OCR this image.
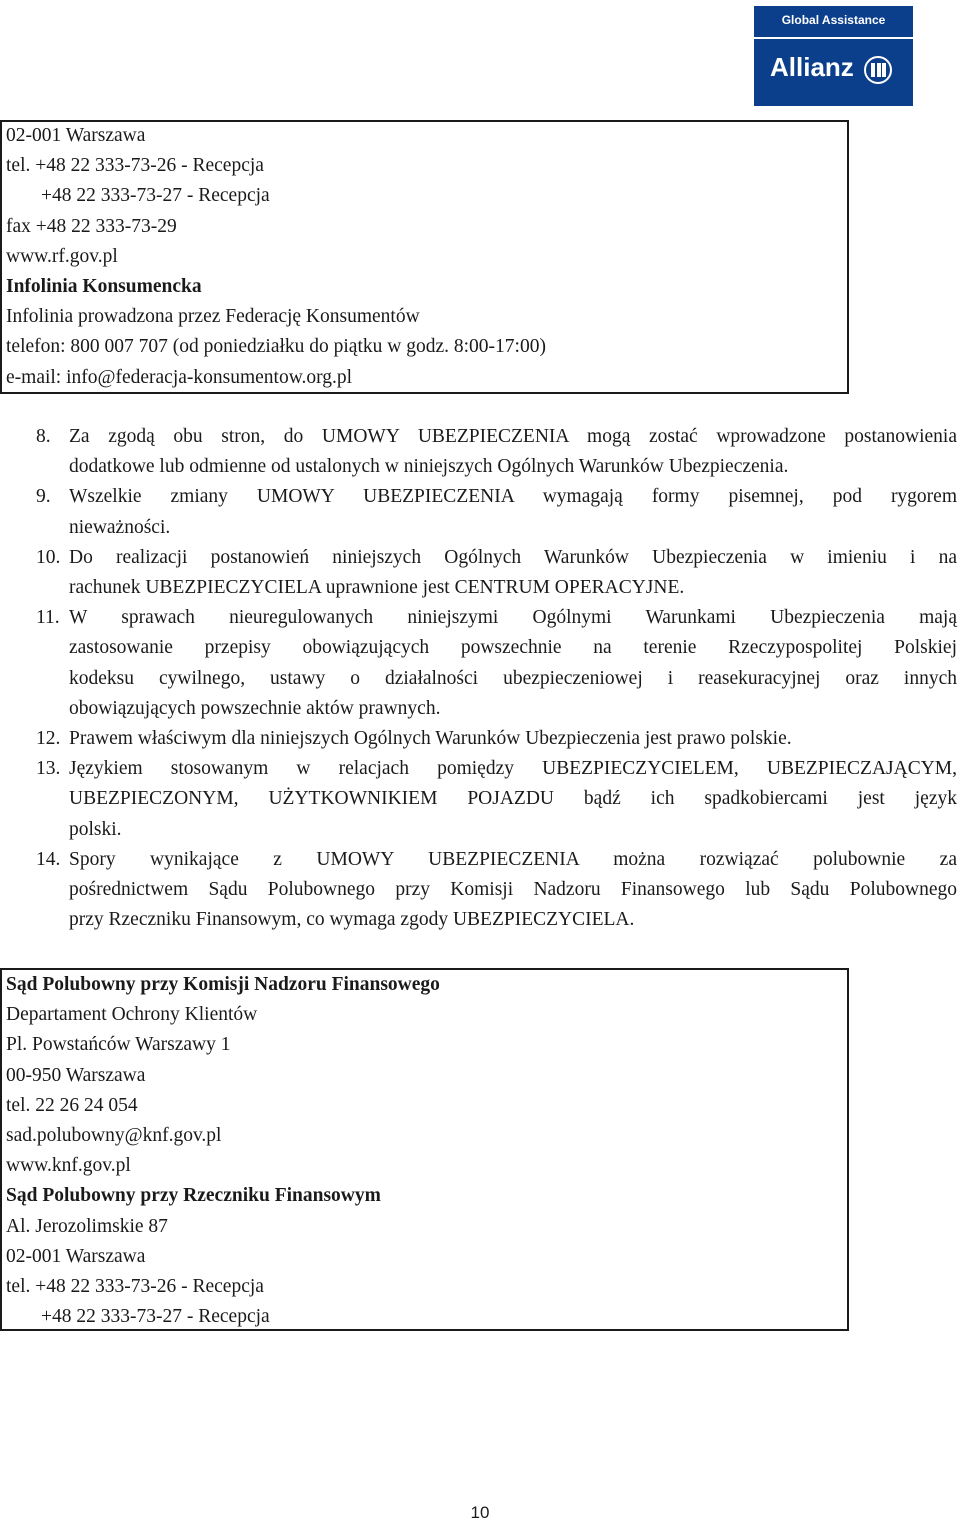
Global Assistance
Allianz
02-001 Warszawa
tel. +48 22 333-73-26 - Recepcja
+48 22 333-73-27 - Recepcja
fax +48 22 333-73-29
www.rf.gov.pl
Infolinia Konsumencka
Infolinia prowadzona przez Federację Konsumentów
telefon: 800 007 707 (od poniedziałku do piątku w godz. 8:00-17:00)
e-mail: info@federacja-konsumentow.org.pl
8. Za zgodą obu stron, do UMOWY UBEZPIECZENIA mogą zostać wprowadzone postanowienia
dodatkowe lub odmienne od ustalonych w niniejszych Ogólnych Warunków Ubezpieczenia.
9. Wszelkie zmiany UMOWY UBEZPIECZENIA wymagają formy pisemnej, pod rygorem
nieważności.
10. Do realizacji postanowień niniejszych Ogólnych Warunków Ubezpieczenia w imieniu i na
rachunek UBEZPIECZYCIELA uprawnione jest CENTRUM OPERACYJNE.
11. W sprawach nieuregulowanych niniejszymi Ogólnymi Warunkami Ubezpieczenia mają
zastosowanie przepisy obowiązujących powszechnie na terenie Rzeczypospolitej Polskiej
kodeksu cywilnego, ustawy o działalności ubezpieczeniowej i reasekuracyjnej oraz innych
obowiązujących powszechnie aktów prawnych.
12. Prawem właściwym dla niniejszych Ogólnych Warunków Ubezpieczenia jest prawo polskie.
13. Językiem stosowanym w relacjach pomiędzy UBEZPIECZYCIELEM, UBEZPIECZAJĄCYM,
UBEZPIECZONYM, UŻYTKOWNIKIEM POJAZDU bądź ich spadkobiercami jest język
polski.
14. Spory wynikające z UMOWY UBEZPIECZENIA można rozwiązać polubownie za
pośrednictwem Sądu Polubownego przy Komisji Nadzoru Finansowego lub Sądu Polubownego
przy Rzeczniku Finansowym, co wymaga zgody UBEZPIECZYCIELA.
Sąd Polubowny przy Komisji Nadzoru Finansowego
Departament Ochrony Klientów
Pl. Powstańców Warszawy 1
00-950 Warszawa
tel. 22 26 24 054
sad.polubowny@knf.gov.pl
www.knf.gov.pl
Sąd Polubowny przy Rzeczniku Finansowym
Al. Jerozolimskie 87
02-001 Warszawa
tel. +48 22 333-73-26 - Recepcja
+48 22 333-73-27 - Recepcja
10
